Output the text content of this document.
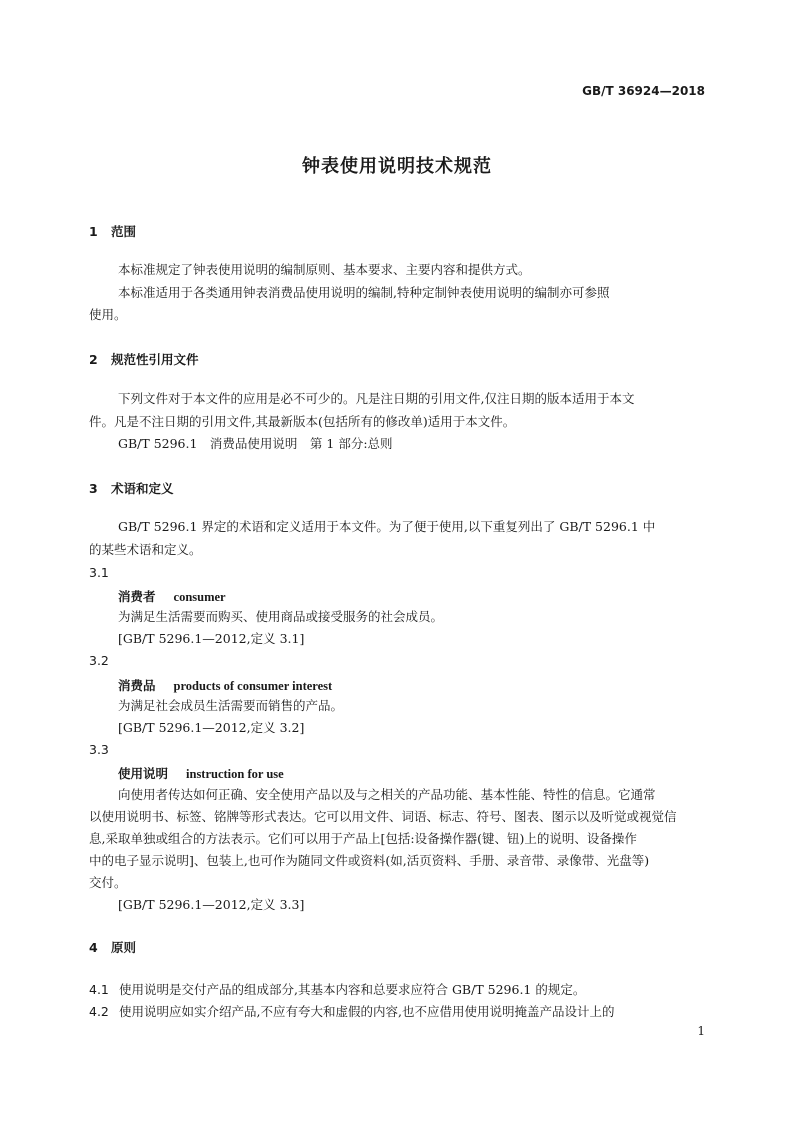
GB/T 36924—2018
钟表使用说明技术规范
1 范围
本标准规定了钟表使用说明的编制原则、基本要求、主要内容和提供方式。
本标准适用于各类通用钟表消费品使用说明的编制,特种定制钟表使用说明的编制亦可参照
使用。
2 规范性引用文件
下列文件对于本文件的应用是必不可少的。凡是注日期的引用文件,仅注日期的版本适用于本文
件。凡是不注日期的引用文件,其最新版本(包括所有的修改单)适用于本文件。
GB/T 5296.1　消费品使用说明　第 1 部分:总则
3 术语和定义
GB/T 5296.1 界定的术语和定义适用于本文件。为了便于使用,以下重复列出了 GB/T 5296.1 中
的某些术语和定义。
3.1
消费者 consumer
为满足生活需要而购买、使用商品或接受服务的社会成员。
[GB/T 5296.1—2012,定义 3.1]
3.2
消费品 products of consumer interest
为满足社会成员生活需要而销售的产品。
[GB/T 5296.1—2012,定义 3.2]
3.3
使用说明 instruction for use
向使用者传达如何正确、安全使用产品以及与之相关的产品功能、基本性能、特性的信息。它通常
以使用说明书、标签、铭牌等形式表达。它可以用文件、词语、标志、符号、图表、图示以及听觉或视觉信
息,采取单独或组合的方法表示。它们可以用于产品上[包括:设备操作器(键、钮)上的说明、设备操作
中的电子显示说明]、包装上,也可作为随同文件或资料(如,活页资料、手册、录音带、录像带、光盘等)
交付。
[GB/T 5296.1—2012,定义 3.3]
4 原则
4.1 使用说明是交付产品的组成部分,其基本内容和总要求应符合 GB/T 5296.1 的规定。
4.2 使用说明应如实介绍产品,不应有夸大和虚假的内容,也不应借用使用说明掩盖产品设计上的
1
